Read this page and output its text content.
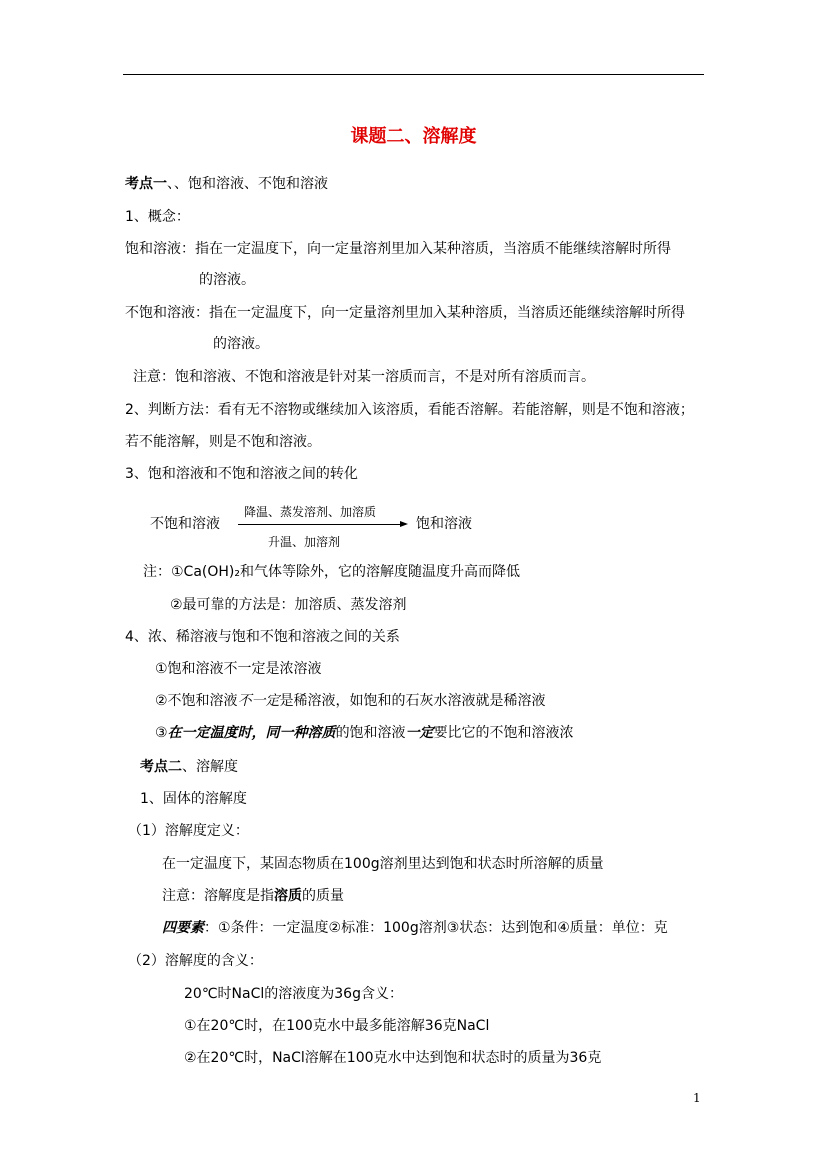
课题二、溶解度
考点一、、饱和溶液、不饱和溶液
1、概念：
饱和溶液：指在一定温度下，向一定量溶剂里加入某种溶质，当溶质不能继续溶解时所得
的溶液。
不饱和溶液：指在一定温度下，向一定量溶剂里加入某种溶质，当溶质还能继续溶解时所得
的溶液。
注意：饱和溶液、不饱和溶液是针对某一溶质而言，不是对所有溶质而言。
2、判断方法：看有无不溶物或继续加入该溶质，看能否溶解。若能溶解，则是不饱和溶液；
若不能溶解，则是不饱和溶液。
3、饱和溶液和不饱和溶液之间的转化
不饱和溶液
降温、蒸发溶剂、加溶质
饱和溶液
升温、加溶剂
注：①Ca(OH)₂和气体等除外，它的溶解度随温度升高而降低
②最可靠的方法是：加溶质、蒸发溶剂
4、浓、稀溶液与饱和不饱和溶液之间的关系
①饱和溶液不一定是浓溶液
②不饱和溶液不一定是稀溶液，如饱和的石灰水溶液就是稀溶液
③在一定温度时，同一种溶质的饱和溶液一定要比它的不饱和溶液浓
考点二、溶解度
1、固体的溶解度
（1）溶解度定义：
在一定温度下，某固态物质在100g溶剂里达到饱和状态时所溶解的质量
注意：溶解度是指溶质的质量
四要素：①条件：一定温度②标准：100g溶剂③状态：达到饱和④质量：单位：克
（2）溶解度的含义：
20℃时NaCl的溶液度为36g含义：
①在20℃时，在100克水中最多能溶解36克NaCl
②在20℃时，NaCl溶解在100克水中达到饱和状态时的质量为36克
1
